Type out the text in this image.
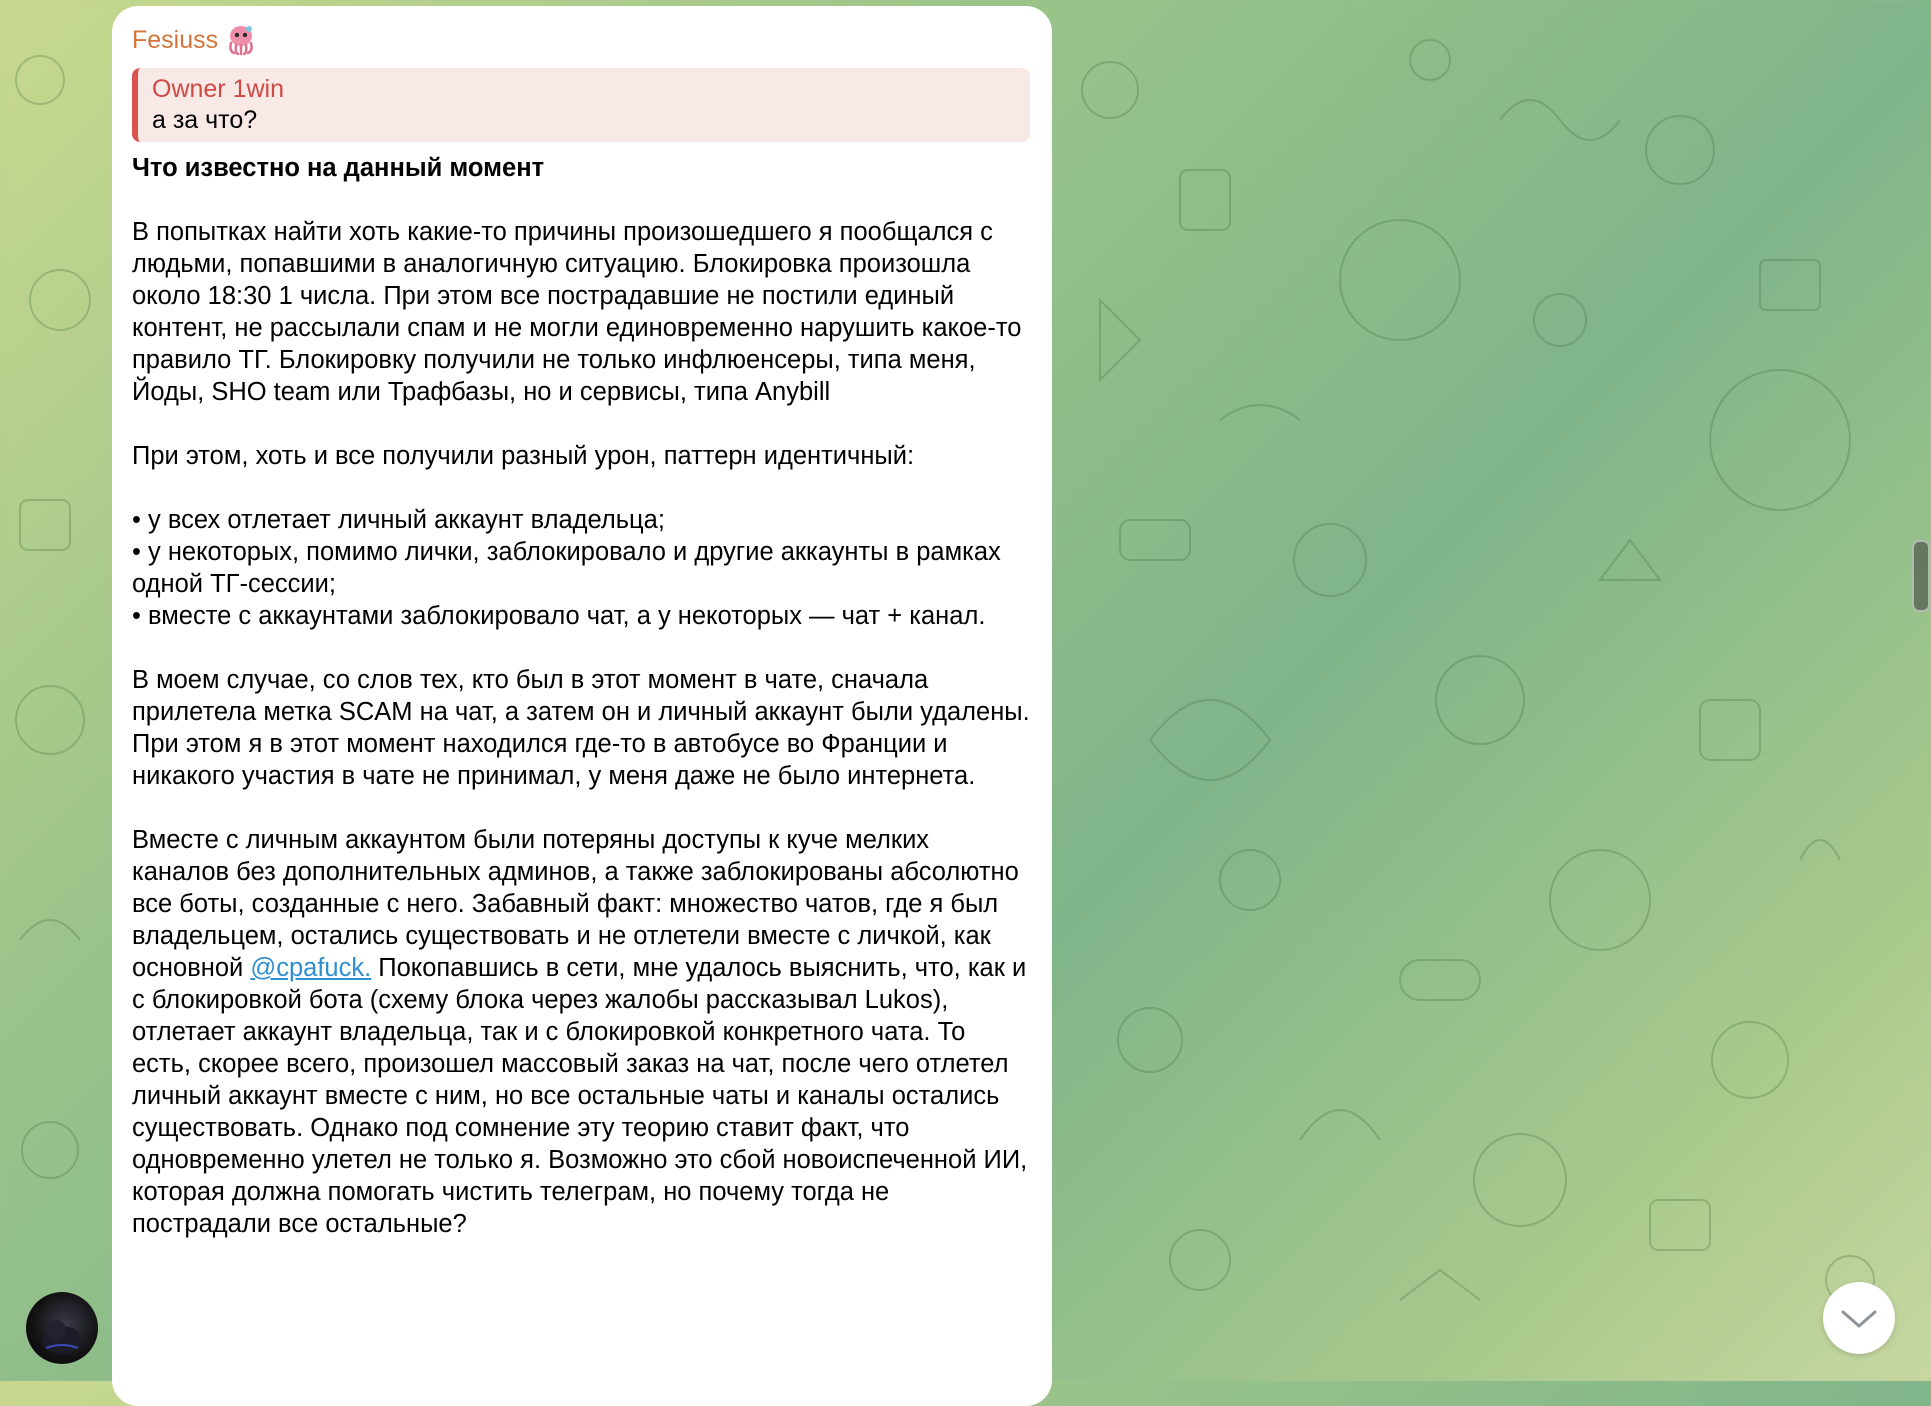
Fesiuss
Owner 1win
а за что?

Что известно на данный момент

В попытках найти хоть какие-то причины произошедшего я пообщался с людьми, попавшими в аналогичную ситуацию. Блокировка произошла около 18:30 1 числа. При этом все пострадавшие не постили единый контент, не рассылали спам и не могли единовременно нарушить какое-то правило ТГ. Блокировку получили не только инфлюенсеры, типа меня, Йоды, SHO team или Трафбазы, но и сервисы, типа Anybill

При этом, хоть и все получили разный урон, паттерн идентичный:

• у всех отлетает личный аккаунт владельца;
• у некоторых, помимо лички, заблокировало и другие аккаунты в рамках одной ТГ-сессии;
• вместе с аккаунтами заблокировало чат, а у некоторых — чат + канал.

В моем случае, со слов тех, кто был в этот момент в чате, сначала прилетела метка SCAM на чат, а затем он и личный аккаунт были удалены. При этом я в этот момент находился где-то в автобусе во Франции и никакого участия в чате не принимал, у меня даже не было интернета.

Вместе с личным аккаунтом были потеряны доступы к куче мелких каналов без дополнительных админов, а также заблокированы абсолютно все боты, созданные с него. Забавный факт: множество чатов, где я был владельцем, остались существовать и не отлетели вместе с личкой, как основной @cpafuck. Покопавшись в сети, мне удалось выяснить, что, как и с блокировкой бота (схему блока через жалобы рассказывал Lukos), отлетает аккаунт владельца, так и с блокировкой конкретного чата. То есть, скорее всего, произошел массовый заказ на чат, после чего отлетел личный аккаунт вместе с ним, но все остальные чаты и каналы остались существовать. Однако под сомнение эту теорию ставит факт, что одновременно улетел не только я. Возможно это сбой новоиспеченной ИИ, которая должна помогать чистить телеграм, но почему тогда не пострадали все остальные?
